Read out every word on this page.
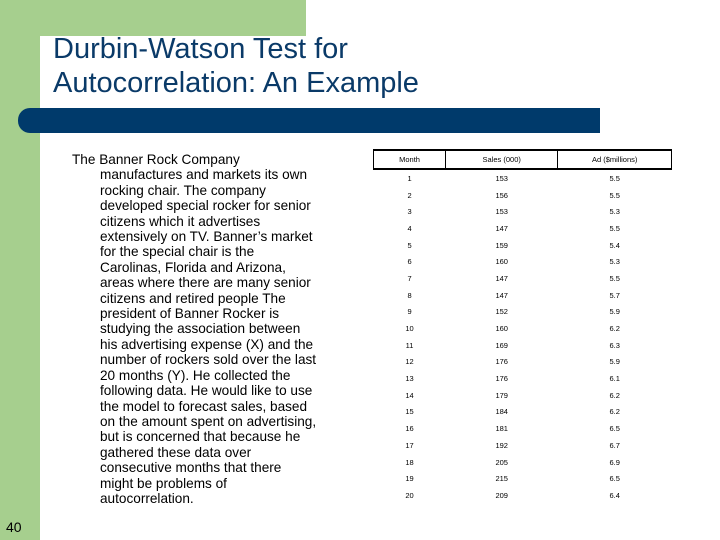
Durbin-Watson Test for
Autocorrelation: An Example
The Banner Rock Company
manufactures and markets its own
rocking chair. The company
developed special rocker for senior
citizens which it advertises
extensively on TV. Banner’s market
for the special chair is the
Carolinas, Florida and Arizona,
areas where there are many senior
citizens and retired people The
president of Banner Rocker is
studying the association between
his advertising expense (X) and the
number of rockers sold over the last
20 months (Y). He collected the
following data. He would like to use
the model to forecast sales, based
on the amount spent on advertising,
but is concerned that because he
gathered these data over
consecutive months that there
might be problems of
autocorrelation.
Month	Sales (000)	Ad ($millions)
1	153	5.5
2	156	5.5
3	153	5.3
4	147	5.5
5	159	5.4
6	160	5.3
7	147	5.5
8	147	5.7
9	152	5.9
10	160	6.2
11	169	6.3
12	176	5.9
13	176	6.1
14	179	6.2
15	184	6.2
16	181	6.5
17	192	6.7
18	205	6.9
19	215	6.5
20	209	6.4
40
